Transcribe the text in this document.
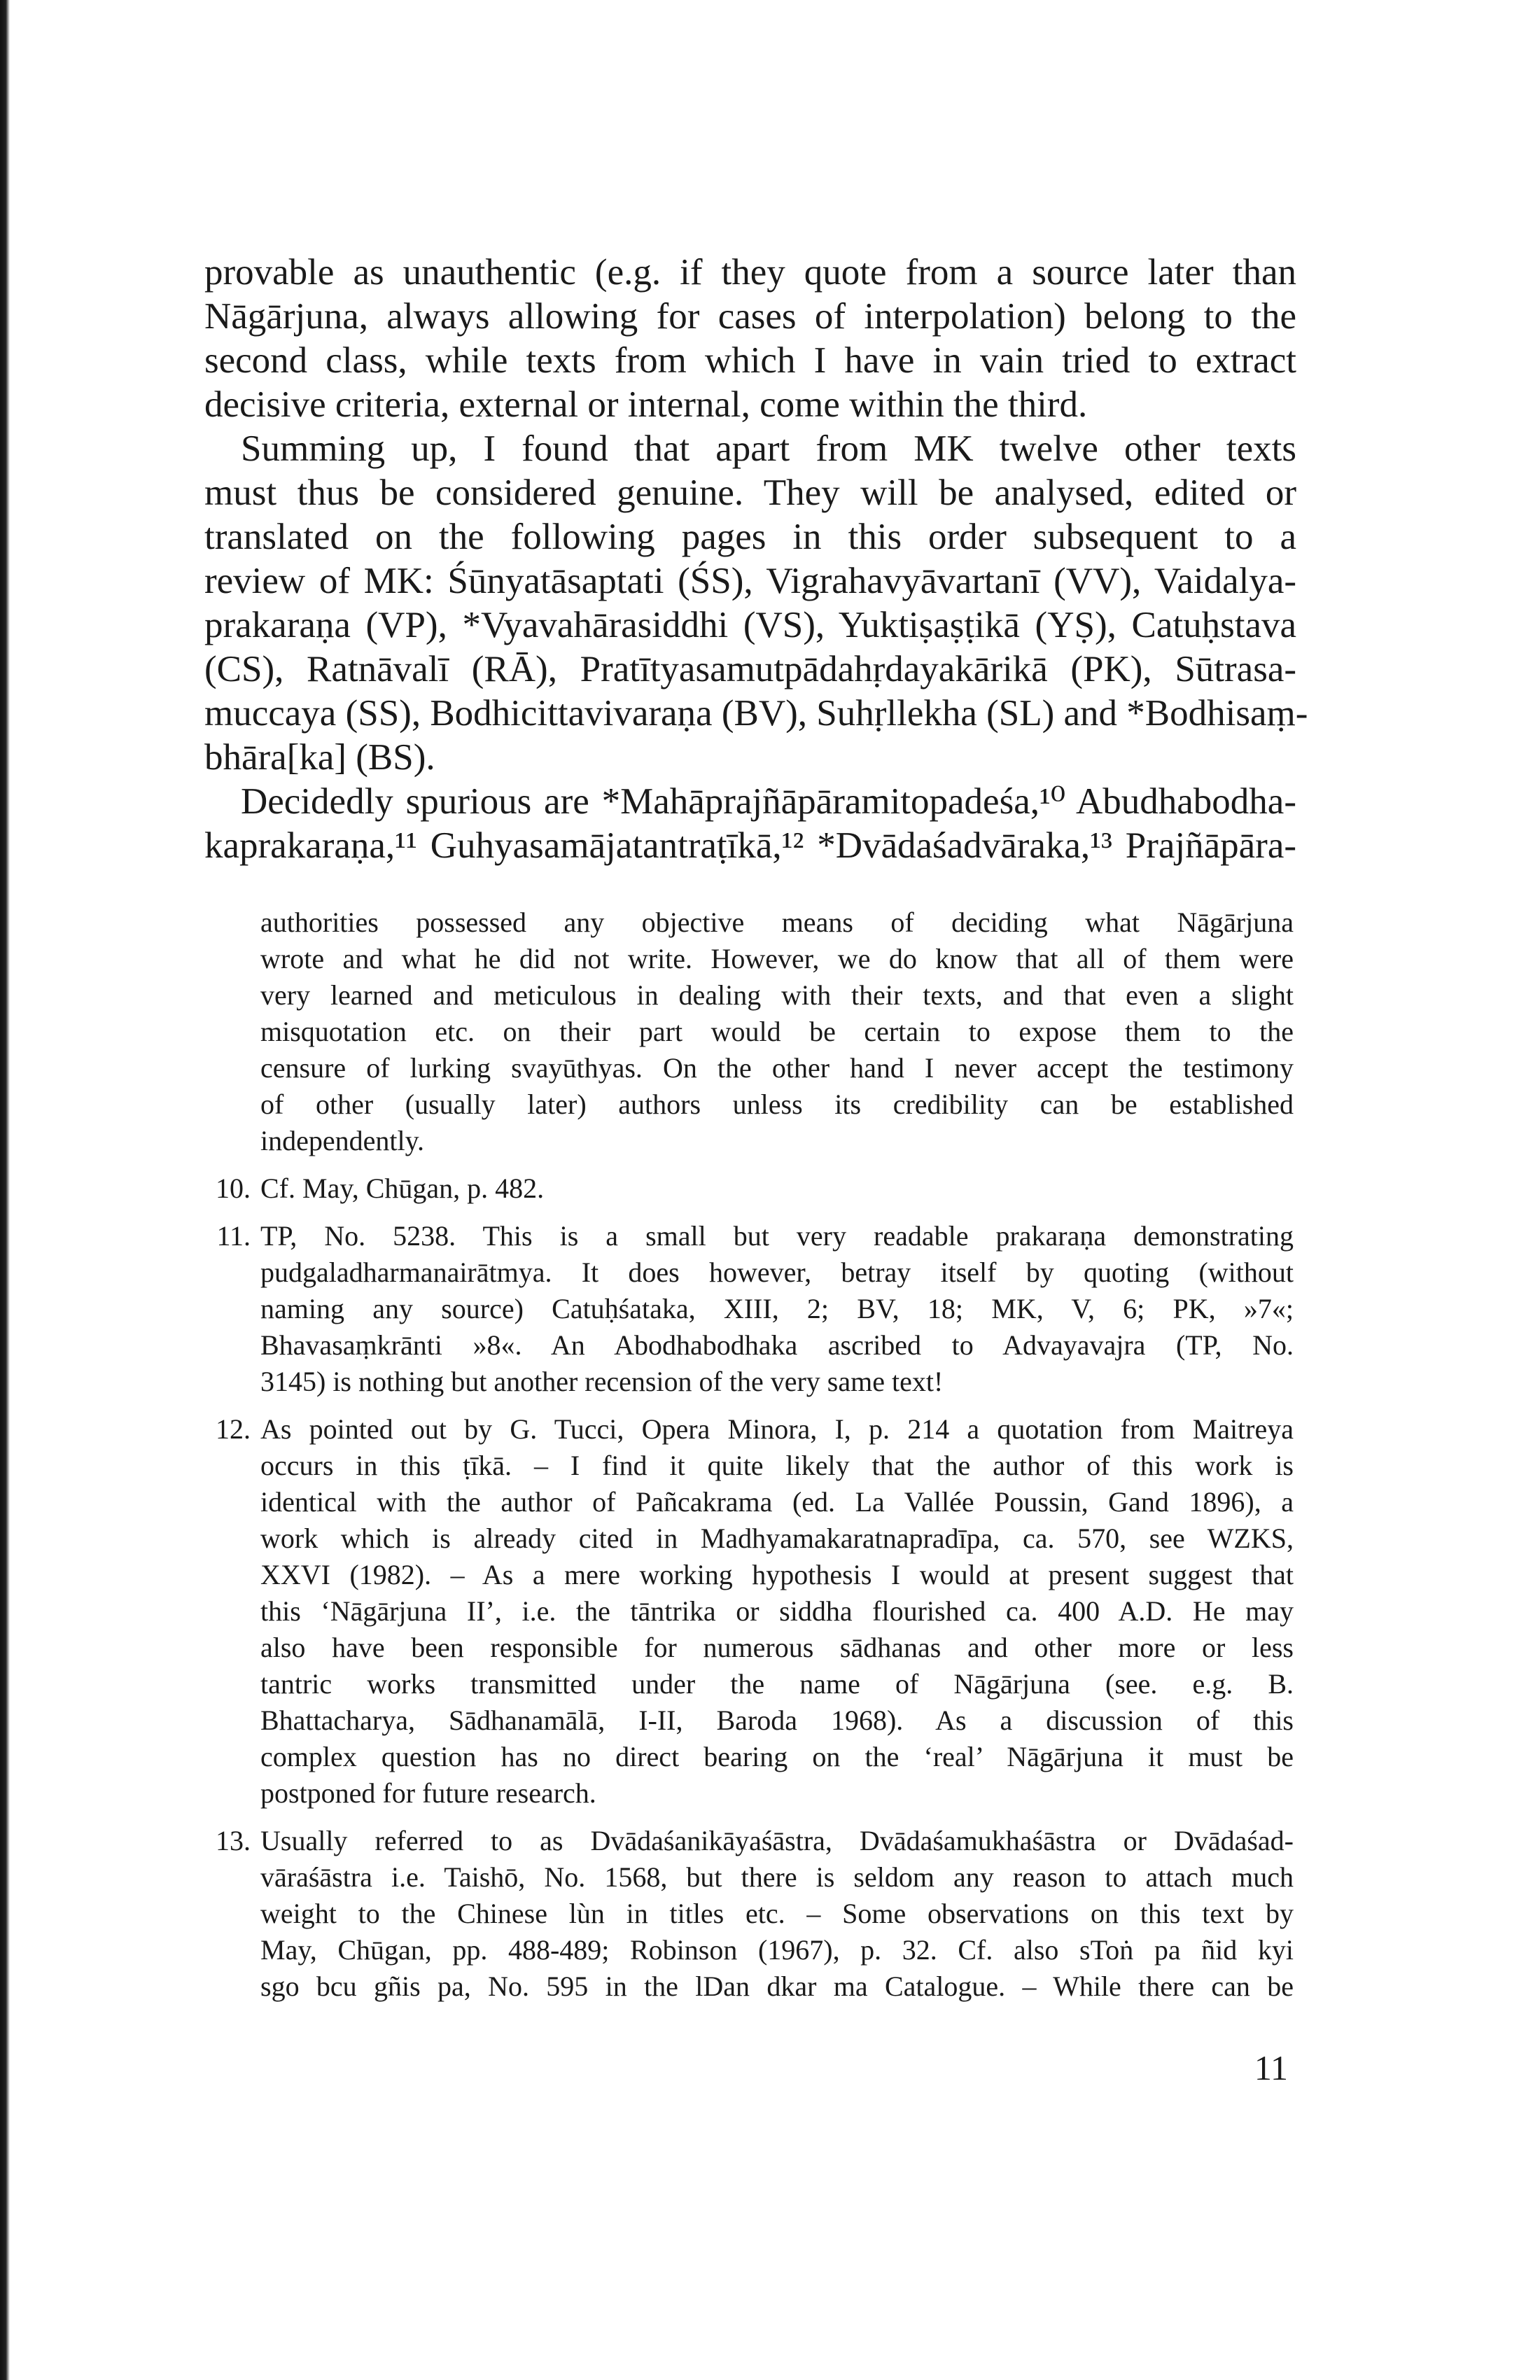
provable as unauthentic (e.g. if they quote from a source later than
Nāgārjuna, always allowing for cases of interpolation) belong to the
second class, while texts from which I have in vain tried to extract
decisive criteria, external or internal, come within the third.
Summing up, I found that apart from MK twelve other texts
must thus be considered genuine. They will be analysed, edited or
translated on the following pages in this order subsequent to a
review of MK: Śūnyatāsaptati (ŚS), Vigrahavyāvartanī (VV), Vaidalya-
prakaraṇa (VP), *Vyavahārasiddhi (VS), Yuktiṣaṣṭikā (YṢ), Catuḥstava
(CS), Ratnāvalī (RĀ), Pratītyasamutpādahṛdayakārikā (PK), Sūtrasa-
muccaya (SS), Bodhicittavivaraṇa (BV), Suhṛllekha (SL) and *Bodhisaṃ-
bhāra[ka] (BS).
Decidedly spurious are *Mahāprajñāpāramitopadeśa,¹⁰ Abudhabodha-
kaprakaraṇa,¹¹ Guhyasamājatantraṭīkā,¹² *Dvādaśadvāraka,¹³ Prajñāpāra-
authorities possessed any objective means of deciding what Nāgārjuna
wrote and what he did not write. However, we do know that all of them were
very learned and meticulous in dealing with their texts, and that even a slight
misquotation etc. on their part would be certain to expose them to the
censure of lurking svayūthyas. On the other hand I never accept the testimony
of other (usually later) authors unless its credibility can be established
independently.
10. Cf. May, Chūgan, p. 482.
11. TP, No. 5238. This is a small but very readable prakaraṇa demonstrating
pudgaladharmanairātmya. It does however, betray itself by quoting (without
naming any source) Catuḥśataka, XIII, 2; BV, 18; MK, V, 6; PK, »7«;
Bhavasaṃkrānti »8«. An Abodhabodhaka ascribed to Advayavajra (TP, No.
3145) is nothing but another recension of the very same text!
12. As pointed out by G. Tucci, Opera Minora, I, p. 214 a quotation from Maitreya
occurs in this ṭīkā. – I find it quite likely that the author of this work is
identical with the author of Pañcakrama (ed. La Vallée Poussin, Gand 1896), a
work which is already cited in Madhyamakaratnapradīpa, ca. 570, see WZKS,
XXVI (1982). – As a mere working hypothesis I would at present suggest that
this ‘Nāgārjuna II’, i.e. the tāntrika or siddha flourished ca. 400 A.D. He may
also have been responsible for numerous sādhanas and other more or less
tantric works transmitted under the name of Nāgārjuna (see. e.g. B.
Bhattacharya, Sādhanamālā, I-II, Baroda 1968). As a discussion of this
complex question has no direct bearing on the ‘real’ Nāgārjuna it must be
postponed for future research.
13. Usually referred to as Dvādaśanikāyaśāstra, Dvādaśamukhaśāstra or Dvādaśad-
vāraśāstra i.e. Taishō, No. 1568, but there is seldom any reason to attach much
weight to the Chinese lùn in titles etc. – Some observations on this text by
May, Chūgan, pp. 488-489; Robinson (1967), p. 32. Cf. also sToṅ pa ñid kyi
sgo bcu gñis pa, No. 595 in the lDan dkar ma Catalogue. – While there can be
11
